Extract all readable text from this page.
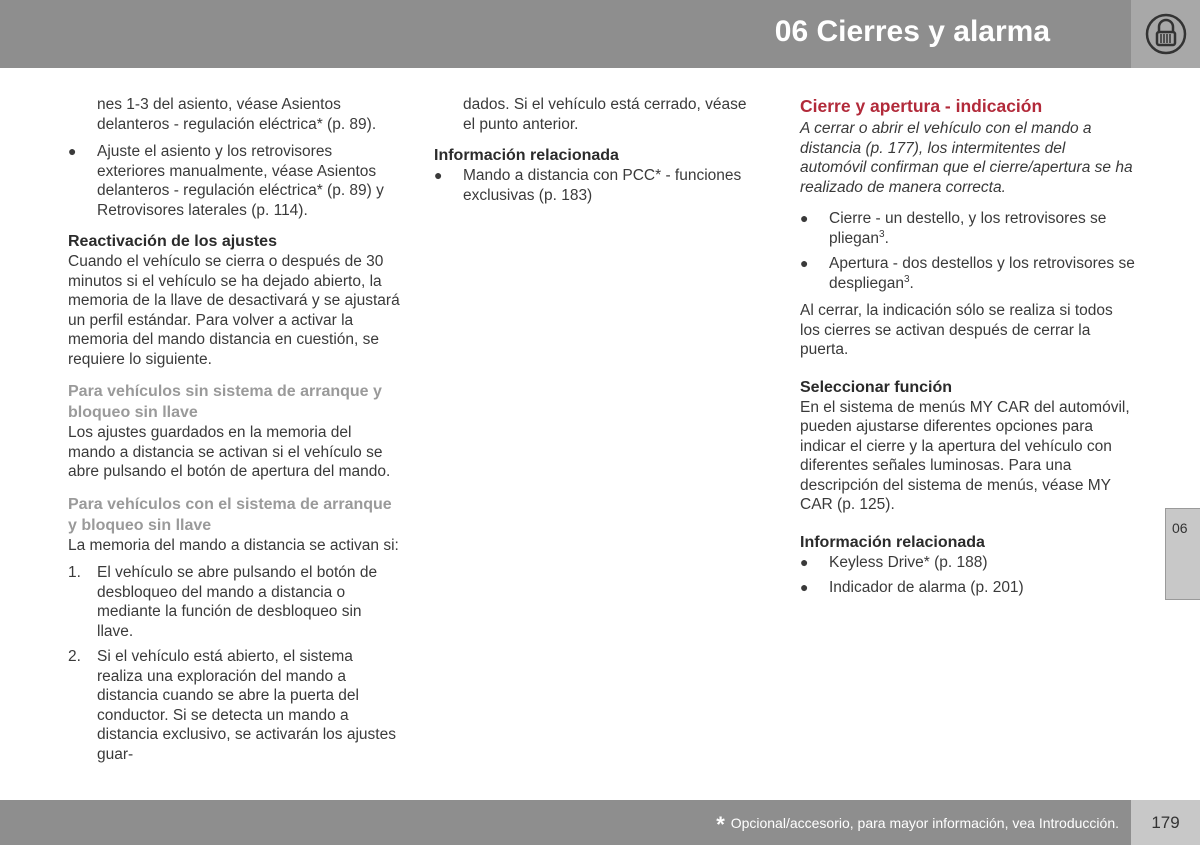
06 Cierres y alarma

nes 1-3 del asiento, véase Asientos delanteros - regulación eléctrica* (p. 89).

● Ajuste el asiento y los retrovisores exteriores manualmente, véase Asientos delanteros - regulación eléctrica* (p. 89) y Retrovisores laterales (p. 114).
Reactivación de los ajustes

Cuando el vehículo se cierra o después de 30 minutos si el vehículo se ha dejado abierto, la memoria de la llave de desactivará y se ajustará un perfil estándar. Para volver a activar la memoria del mando distancia en cuestión, se requiere lo siguiente.

Para vehículos sin sistema de arranque y bloqueo sin llave

Los ajustes guardados en la memoria del mando a distancia se activan si el vehículo se abre pulsando el botón de apertura del mando.

Para vehículos con el sistema de arranque y bloqueo sin llave

La memoria del mando a distancia se activan si:

1. El vehículo se abre pulsando el botón de desbloqueo del mando a distancia o mediante la función de desbloqueo sin llave.
2. Si el vehículo está abierto, el sistema realiza una exploración del mando a distancia cuando se abre la puerta del conductor. Si se detecta un mando a distancia exclusivo, se activarán los ajustes guar-

dados. Si el vehículo está cerrado, véase el punto anterior.

Información relacionada
● Mando a distancia con PCC* - funciones exclusivas (p. 183)
Cierre y apertura - indicación

A cerrar o abrir el vehículo con el mando a distancia (p. 177), los intermitentes del automóvil confirman que el cierre/apertura se ha realizado de manera correcta.

● Cierre - un destello, y los retrovisores se pliegan$^3$.
● Apertura - dos destellos y los retrovisores se despliegan$^3$.

Al cerrar, la indicación sólo se realiza si todos los cierres se activan después de cerrar la puerta.

Seleccionar función

En el sistema de menús MY CAR del automóvil, pueden ajustarse diferentes opciones para indicar el cierre y la apertura del vehículo con diferentes señales luminosas. Para una descripción del sistema de menús, véase MY CAR (p. 125).

Información relacionada
● Keyless Drive* (p. 188)
● Indicador de alarma (p. 201)
06
* Opcional/accesorio, para mayor información, vea Introducción.	179
